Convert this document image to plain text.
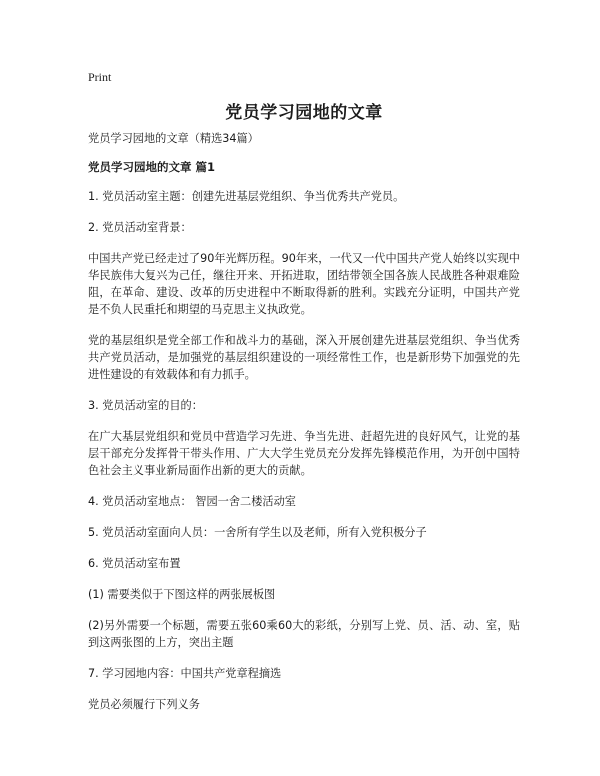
Print
党员学习园地的文章

党员学习园地的文章（精选34篇）

党员学习园地的文章 篇1

1. 党员活动室主题：创建先进基层党组织、争当优秀共产党员。

2. 党员活动室背景：

中国共产党已经走过了90年光辉历程。90年来，一代又一代中国共产党人始终以实现中华民族伟大复兴为己任，继往开来、开拓进取，团结带领全国各族人民战胜各种艰难险阻，在革命、建设、改革的历史进程中不断取得新的胜利。实践充分证明，中国共产党是不负人民重托和期望的马克思主义执政党。

党的基层组织是党全部工作和战斗力的基础，深入开展创建先进基层党组织、争当优秀共产党员活动，是加强党的基层组织建设的一项经常性工作，也是新形势下加强党的先进性建设的有效载体和有力抓手。

3. 党员活动室的目的：

在广大基层党组织和党员中营造学习先进、争当先进、赶超先进的良好风气，让党的基层干部充分发挥骨干带头作用、广大大学生党员充分发挥先锋模范作用，为开创中国特色社会主义事业新局面作出新的更大的贡献。

4. 党员活动室地点： 智园一舍二楼活动室

5. 党员活动室面向人员：一舍所有学生以及老师，所有入党积极分子

6. 党员活动室布置

(1) 需要类似于下图这样的两张展板图

(2)另外需要一个标题，需要五张60乘60大的彩纸，分别写上党、员、活、动、室，贴到这两张图的上方，突出主题

7. 学习园地内容：中国共产党章程摘选

党员必须履行下列义务
